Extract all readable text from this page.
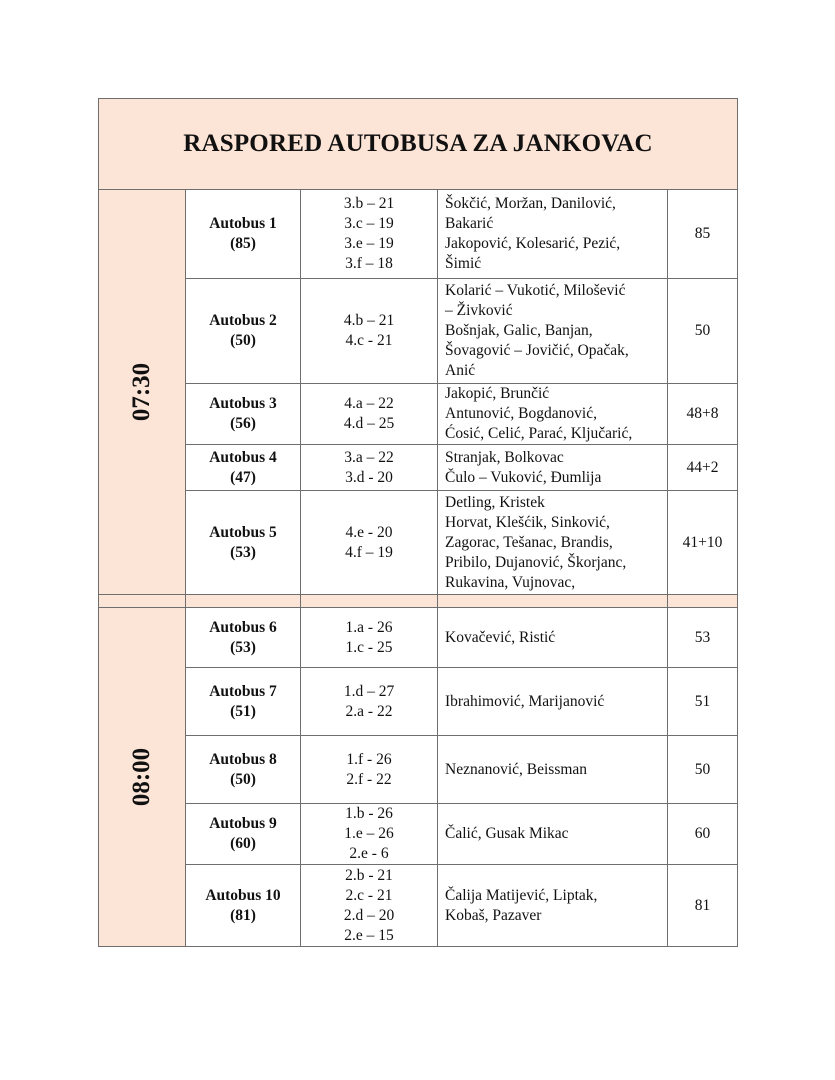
RASPORED AUTOBUSA ZA JANKOVAC				

07:30	Autobus 1
(85)	3.b – 21
3.c – 19
3.e – 19
3.f – 18	Šokčić, Moržan, Danilović,
Bakarić
Jakopović, Kolesarić, Pezić,
Šimić	85

	Autobus 2
(50)	4.b – 21
4.c - 21	Kolarić – Vukotić, Milošević
– Živković
Bošnjak, Galic, Banjan,
Šovagović – Jovičić, Opačak,
Anić	50

	Autobus 3
(56)	4.a – 22
4.d – 25	Jakopić, Brunčić
Antunović, Bogdanović,
Ćosić, Celić, Parać, Ključarić,	48+8

	Autobus 4
(47)	3.a – 22
3.d - 20	Stranjak, Bolkovac
Čulo – Vuković, Đumlija	44+2

	Autobus 5
(53)	4.e - 20
4.f – 19	Detling, Kristek
Horvat, Klešćik, Sinković,
Zagorac, Tešanac, Brandis,
Pribilo, Dujanović, Škorjanc,
Rukavina, Vujnovac,	41+10

08:00	Autobus 6
(53)	1.a - 26
1.c - 25	Kovačević, Ristić	53

	Autobus 7
(51)	1.d – 27
2.a - 22	Ibrahimović, Marijanović	51

	Autobus 8
(50)	1.f - 26
2.f - 22	Neznanović, Beissman	50

	Autobus 9
(60)	1.b - 26
1.e – 26
2.e - 6	Čalić, Gusak Mikac	60

	Autobus 10
(81)	2.b - 21
2.c - 21
2.d – 20
2.e – 15	Čalija Matijević, Liptak,
Kobaš, Pazaver	81
